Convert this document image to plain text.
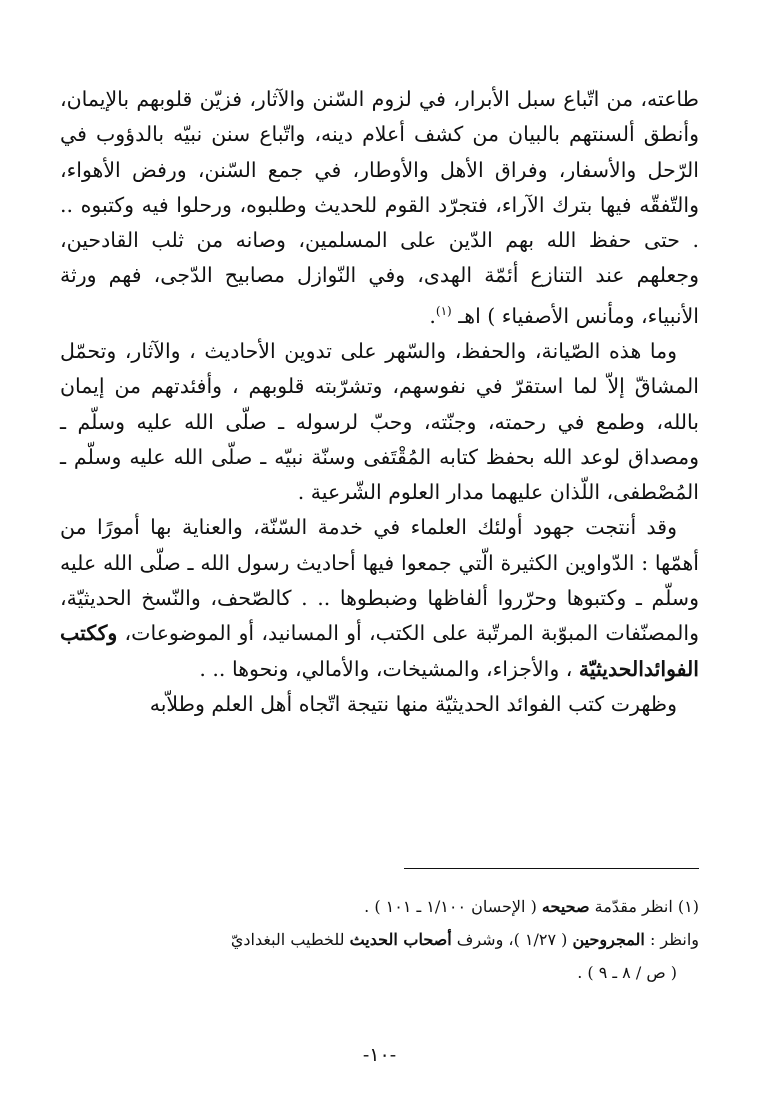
طاعته، من اتّباع سبل الأبرار، في لزوم السّنن والآثار، فزيّن قلوبهم بالإيمان، وأنطق ألسنتهم بالبيان من كشف أعلام دينه، واتّباع سنن نبيّه بالدؤوب في الرّحل والأسفار، وفراق الأهل والأوطار، في جمع السّنن، ورفض الأهواء، والتّفقّه فيها بترك الآراء، فتجرّد القوم للحديث وطلبوه، ورحلوا فيه وكتبوه .. . حتى حفظ الله بهم الدّين على المسلمين، وصانه من ثلب القادحين، وجعلهم عند التنازع أئمّة الهدى، وفي النّوازل مصابيح الدّجى، فهم ورثة الأنبياء، ومأنس الأصفياء ) اهـ $^{(١)}$.

وما هذه الصّيانة، والحفظ، والسّهر على تدوين الأحاديث ، والآثار، وتحمّل المشاقّ إلاّ لما استقرّ في نفوسهم، وتشرّبته قلوبهم ، وأفئدتهم من إيمان بالله، وطمع في رحمته، وجنّته، وحبّ لرسوله ـ صلّى الله عليه وسلّم ـ ومصداق لوعد الله بحفظ كتابه المُقْتَفى وسنّة نبيّه ـ صلّى الله عليه وسلّم ـ المُصْطفى، اللّذان عليهما مدار العلوم الشّرعية .

وقد أنتجت جهود أولئك العلماء في خدمة السّنّة، والعناية بها أمورًا من أهمّها : الدّواوين الكثيرة الّتي جمعوا فيها أحاديث رسول الله ـ صلّى الله عليه وسلّم ـ وكتبوها وحرّروا ألفاظها وضبطوها .. . كالصّحف، والنّسخ الحديثيّة، والمصنّفات المبوّبة المرتّبة على الكتب، أو المسانيد، أو الموضوعات، وككتب الفوائدالحديثيّة ، والأجزاء، والمشيخات، والأمالي، ونحوها .. .

وظهرت كتب الفوائد الحديثيّة منها نتيجة اتّجاه أهل العلم وطلاّبه

(١) انظر مقدّمة صحيحه ( الإحسان ١/١٠٠ ـ ١٠١ ) .

وانظر : المجروحين ( ١/٢٧ )، وشرف أصحاب الحديث للخطيب البغداديّ

( ص / ٨ ـ ٩ ) .

-١٠-
